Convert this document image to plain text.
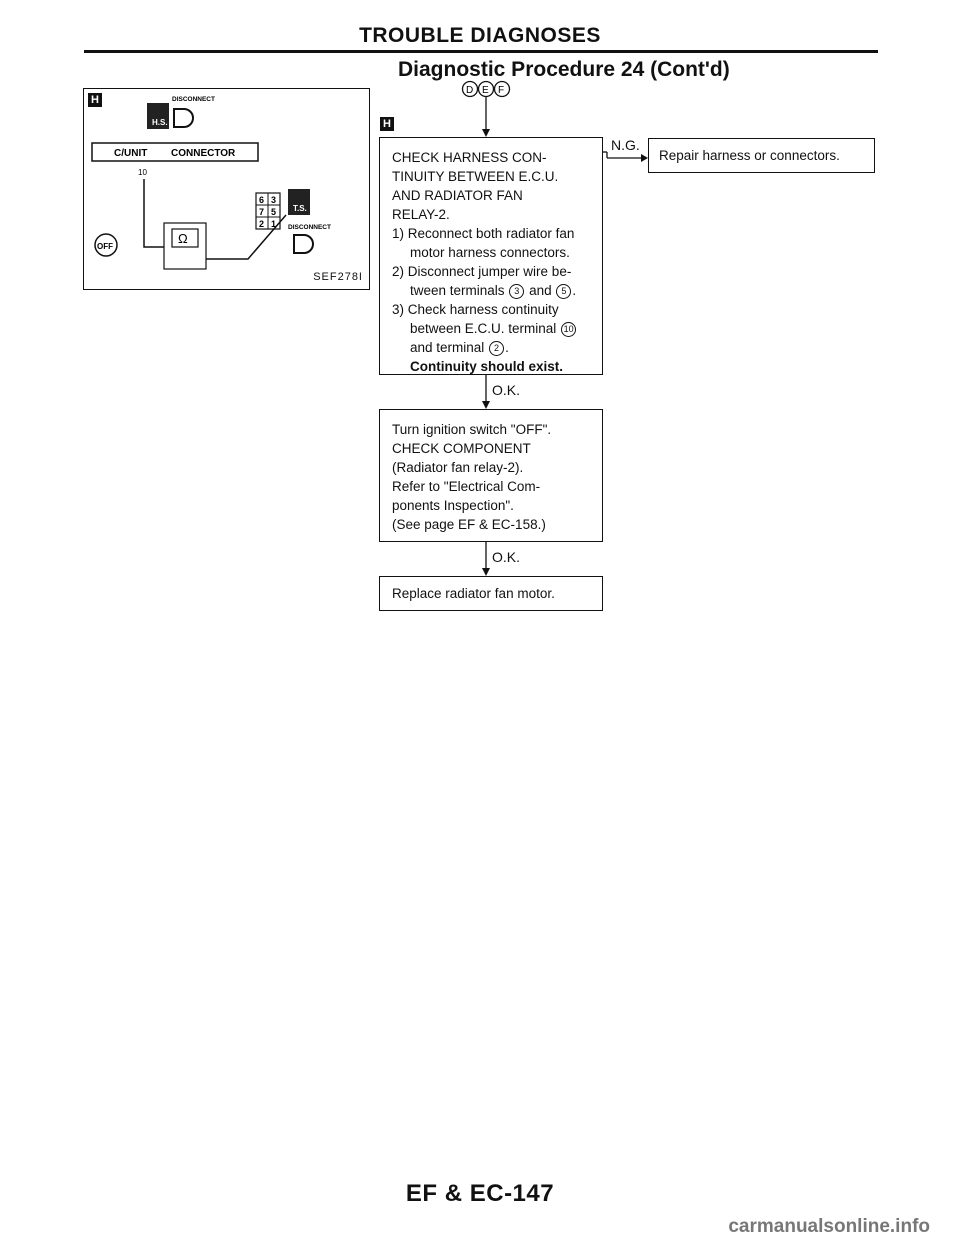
TROUBLE DIAGNOSES
Diagnostic Procedure 24 (Cont'd)
H
H.S.
DISCONNECT
C/UNIT CONNECTOR
10
Ω
OFF
6 3
7 5
2 1
T.S.
DISCONNECT
SEF278I
D E F
H
CHECK HARNESS CON-
TINUITY BETWEEN E.C.U.
AND RADIATOR FAN
RELAY-2.
1) Reconnect both radiator fan
motor harness connectors.
2) Disconnect jumper wire be-
tween terminals 3 and 5 .
3) Check harness continuity
between E.C.U. terminal 10
and terminal 2 .
Continuity should exist.
N.G.
Repair harness or connectors.
O.K.
Turn ignition switch "OFF".
CHECK COMPONENT
(Radiator fan relay-2).
Refer to "Electrical Com-
ponents Inspection".
(See page EF & EC-158.)
O.K.
Replace radiator fan motor.
EF & EC-147
carmanualsonline.info
